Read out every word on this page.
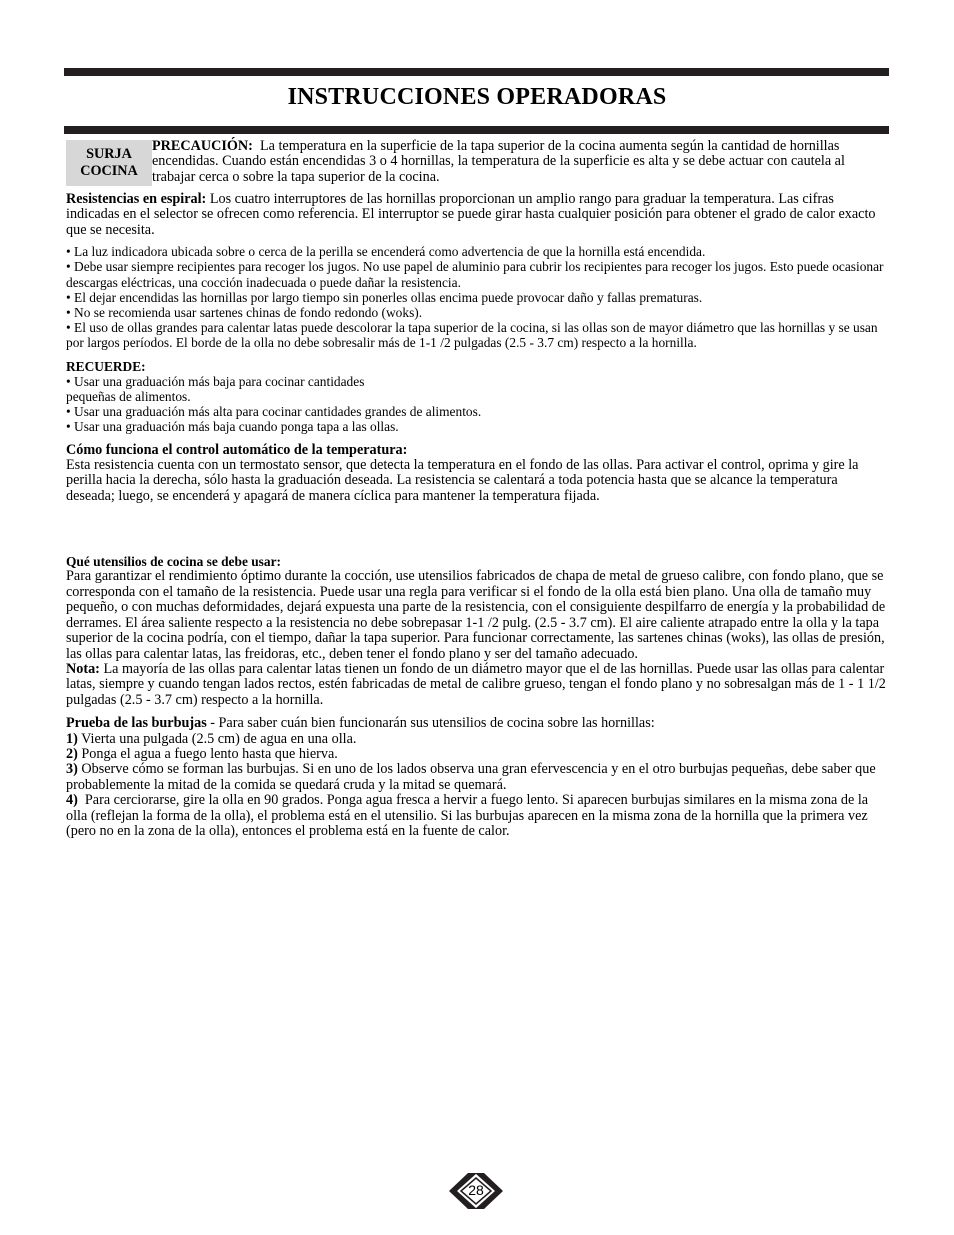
INSTRUCCIONES OPERADORAS
SURJA
COCINA

PRECAUCIÓN: La temperatura en la superficie de la tapa superior de la cocina aumenta según la cantidad de hornillas encendidas. Cuando están encendidas 3 o 4 hornillas, la temperatura de la superficie es alta y se debe actuar con cautela al trabajar cerca o sobre la tapa superior de la cocina.

Resistencias en espiral: Los cuatro interruptores de las hornillas proporcionan un amplio rango para graduar la temperatura. Las cifras indicadas en el selector se ofrecen como referencia. El interruptor se puede girar hasta cualquier posición para obtener el grado de calor exacto que se necesita.

• La luz indicadora ubicada sobre o cerca de la perilla se encenderá como advertencia de que la hornilla está encendida.

• Debe usar siempre recipientes para recoger los jugos. No use papel de aluminio para cubrir los recipientes para recoger los jugos. Esto puede ocasionar descargas eléctricas, una cocción inadecuada o puede dañar la resistencia.

• El dejar encendidas las hornillas por largo tiempo sin ponerles ollas encima puede provocar daño y fallas prematuras.

• No se recomienda usar sartenes chinas de fondo redondo (woks).

• El uso de ollas grandes para calentar latas puede descolorar la tapa superior de la cocina, si las ollas son de mayor diámetro que las hornillas y se usan por largos períodos. El borde de la olla no debe sobresalir más de 1-1 /2 pulgadas (2.5 - 3.7 cm) respecto a la hornilla.

RECUERDE:

• Usar una graduación más baja para cocinar cantidades

pequeñas de alimentos.

• Usar una graduación más alta para cocinar cantidades grandes de alimentos.

• Usar una graduación más baja cuando ponga tapa a las ollas.

Cómo funciona el control automático de la temperatura:

Esta resistencia cuenta con un termostato sensor, que detecta la temperatura en el fondo de las ollas. Para activar el control, oprima y gire la perilla hacia la derecha, sólo hasta la graduación deseada. La resistencia se calentará a toda potencia hasta que se alcance la temperatura deseada; luego, se encenderá y apagará de manera cíclica para mantener la temperatura fijada.

Qué utensilios de cocina se debe usar:

Para garantizar el rendimiento óptimo durante la cocción, use utensilios fabricados de chapa de metal de grueso calibre, con fondo plano, que se corresponda con el tamaño de la resistencia. Puede usar una regla para verificar si el fondo de la olla está bien plano. Una olla de tamaño muy pequeño, o con muchas deformidades, dejará expuesta una parte de la resistencia, con el consiguiente despilfarro de energía y la probabilidad de derrames. El área saliente respecto a la resistencia no debe sobrepasar 1-1 /2 pulg. (2.5 - 3.7 cm). El aire caliente atrapado entre la olla y la tapa superior de la cocina podría, con el tiempo, dañar la tapa superior. Para funcionar correctamente, las sartenes chinas (woks), las ollas de presión, las ollas para calentar latas, las freidoras, etc., deben tener el fondo plano y ser del tamaño adecuado.

Nota: La mayoría de las ollas para calentar latas tienen un fondo de un diámetro mayor que el de las hornillas. Puede usar las ollas para calentar latas, siempre y cuando tengan lados rectos, estén fabricadas de metal de calibre grueso, tengan el fondo plano y no sobresalgan más de 1 - 1 1/2 pulgadas (2.5 - 3.7 cm) respecto a la hornilla.

Prueba de las burbujas - Para saber cuán bien funcionarán sus utensilios de cocina sobre las hornillas:

1) Vierta una pulgada (2.5 cm) de agua en una olla.

2) Ponga el agua a fuego lento hasta que hierva.

3) Observe cómo se forman las burbujas. Si en uno de los lados observa una gran efervescencia y en el otro burbujas pequeñas, debe saber que probablemente la mitad de la comida se quedará cruda y la mitad se quemará.

4) Para cerciorarse, gire la olla en 90 grados. Ponga agua fresca a hervir a fuego lento. Si aparecen burbujas similares en la misma zona de la olla (reflejan la forma de la olla), el problema está en el utensilio. Si las burbujas aparecen en la misma zona de la hornilla que la primera vez (pero no en la zona de la olla), entonces el problema está en la fuente de calor.

28
